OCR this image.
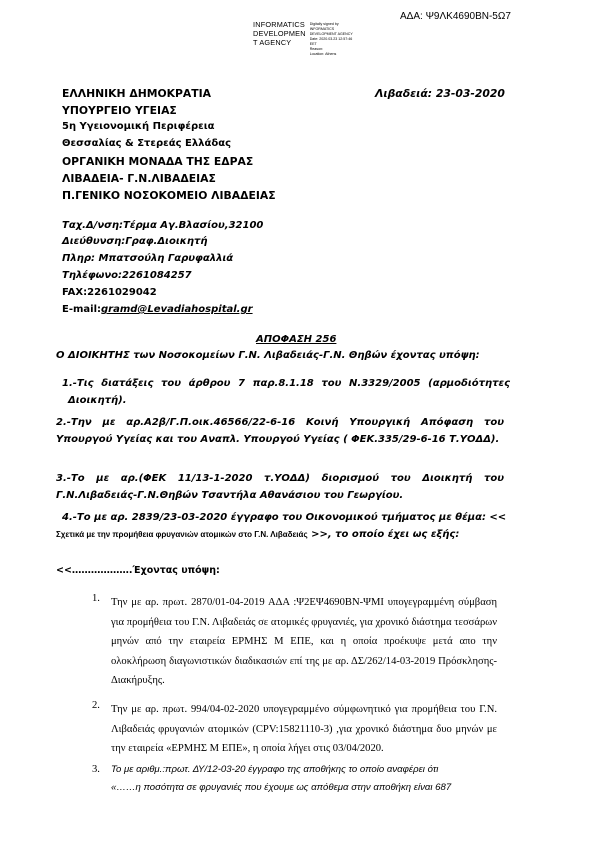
ΑΔΑ: Ψ9ΛΚ4690ΒΝ-5Ω7
INFORMATICS
DEVELOPMEN
T AGENCY
Digitally signed by
INFORMATICS
DEVELOPMENT AGENCY
Date: 2020.03.23 12:57:46
EET
Reason:
Location: Athens
ΕΛΛΗΝΙΚΗ ΔΗΜΟΚΡΑΤΙΑ
ΥΠΟΥΡΓΕΙΟ ΥΓΕΙΑΣ
5η Υγειονομική Περιφέρεια
Θεσσαλίας & Στερεάς Ελλάδας
ΟΡΓΑΝΙΚΗ ΜΟΝΑΔΑ ΤΗΣ ΕΔΡΑΣ
ΛΙΒΑΔΕΙΑ- Γ.Ν.ΛΙΒΑΔΕΙΑΣ
Π.ΓΕΝΙΚΟ ΝΟΣΟΚΟΜΕΙΟ ΛΙΒΑΔΕΙΑΣ
Λιβαδειά: 23-03-2020
Ταχ.Δ/νση:Τέρμα Αγ.Βλασίου,32100
Διεύθυνση:Γραφ.Διοικητή
Πληρ: Μπατσούλη Γαρυφαλλιά
Τηλέφωνο:2261084257
FAX:2261029042
E-mail:gramd@Levadiahospital.gr
ΑΠΟΦΑΣΗ 256
Ο ΔΙΟΙΚΗΤΗΣ των Νοσοκομείων Γ.Ν. Λιβαδειάς-Γ.Ν. Θηβών έχοντας υπόψη:
1.-Τις διατάξεις του άρθρου 7 παρ.8.1.18 του Ν.3329/2005 (αρμοδιότητες Διοικητή).
2.-Την με αρ.Α2β/Γ.Π.οικ.46566/22-6-16 Κοινή Υπουργική Απόφαση του Υπουργού Υγείας και του Αναπλ. Υπουργού Υγείας ( ΦΕΚ.335/29-6-16 Τ.ΥΟΔΔ).
3.-Το με αρ.(ΦΕΚ 11/13-1-2020 τ.ΥΟΔΔ) διορισμού του Διοικητή του Γ.Ν.Λιβαδειάς-Γ.Ν.Θηβών Τσαντήλα Αθανάσιου του Γεωργίου.
4.-Το με αρ. 2839/23-03-2020 έγγραφο του Οικονομικού τμήματος με θέμα: <<
Σχετικά με την προμήθεια φρυγανιών ατομικών στο Γ.Ν. Λιβαδειάς >>, το οποίο έχει ως εξής:
<<……………….Έχοντας υπόψη:
1. Την με αρ. πρωτ. 2870/01-04-2019 ΑΔΑ :Ψ2ΕΨ4690ΒΝ-ΨΜΙ υπογεγραμμένη σύμβαση για προμήθεια του Γ.Ν. Λιβαδειάς σε ατομικές φρυγανιές, για χρονικό διάστημα τεσσάρων μηνών από την εταιρεία ΕΡΜΗΣ Μ ΕΠΕ, και η οποία προέκυψε μετά απο την ολοκλήρωση διαγωνιστικών διαδικασιών επί της με αρ. ΔΣ/262/14-03-2019 Πρόσκλησης-Διακήρυξης.
2. Την με αρ. πρωτ. 994/04-02-2020 υπογεγραμμένο σύμφωνητικό για προμήθεια του Γ.Ν. Λιβαδειάς φρυγανιών ατομικών (CPV:15821110-3) ,για χρονικό διάστημα δυο μηνών με την εταιρεία «ΕΡΜΗΣ Μ ΕΠΕ», η οποία λήγει στις 03/04/2020.
3. Το με αριθμ.:πρωτ. ΔΥ/12-03-20 έγγραφο της αποθήκης το οποίο αναφέρει ότι
«……η ποσότητα σε φρυγανιές που έχουμε ως απόθεμα στην αποθήκη είναι 687
